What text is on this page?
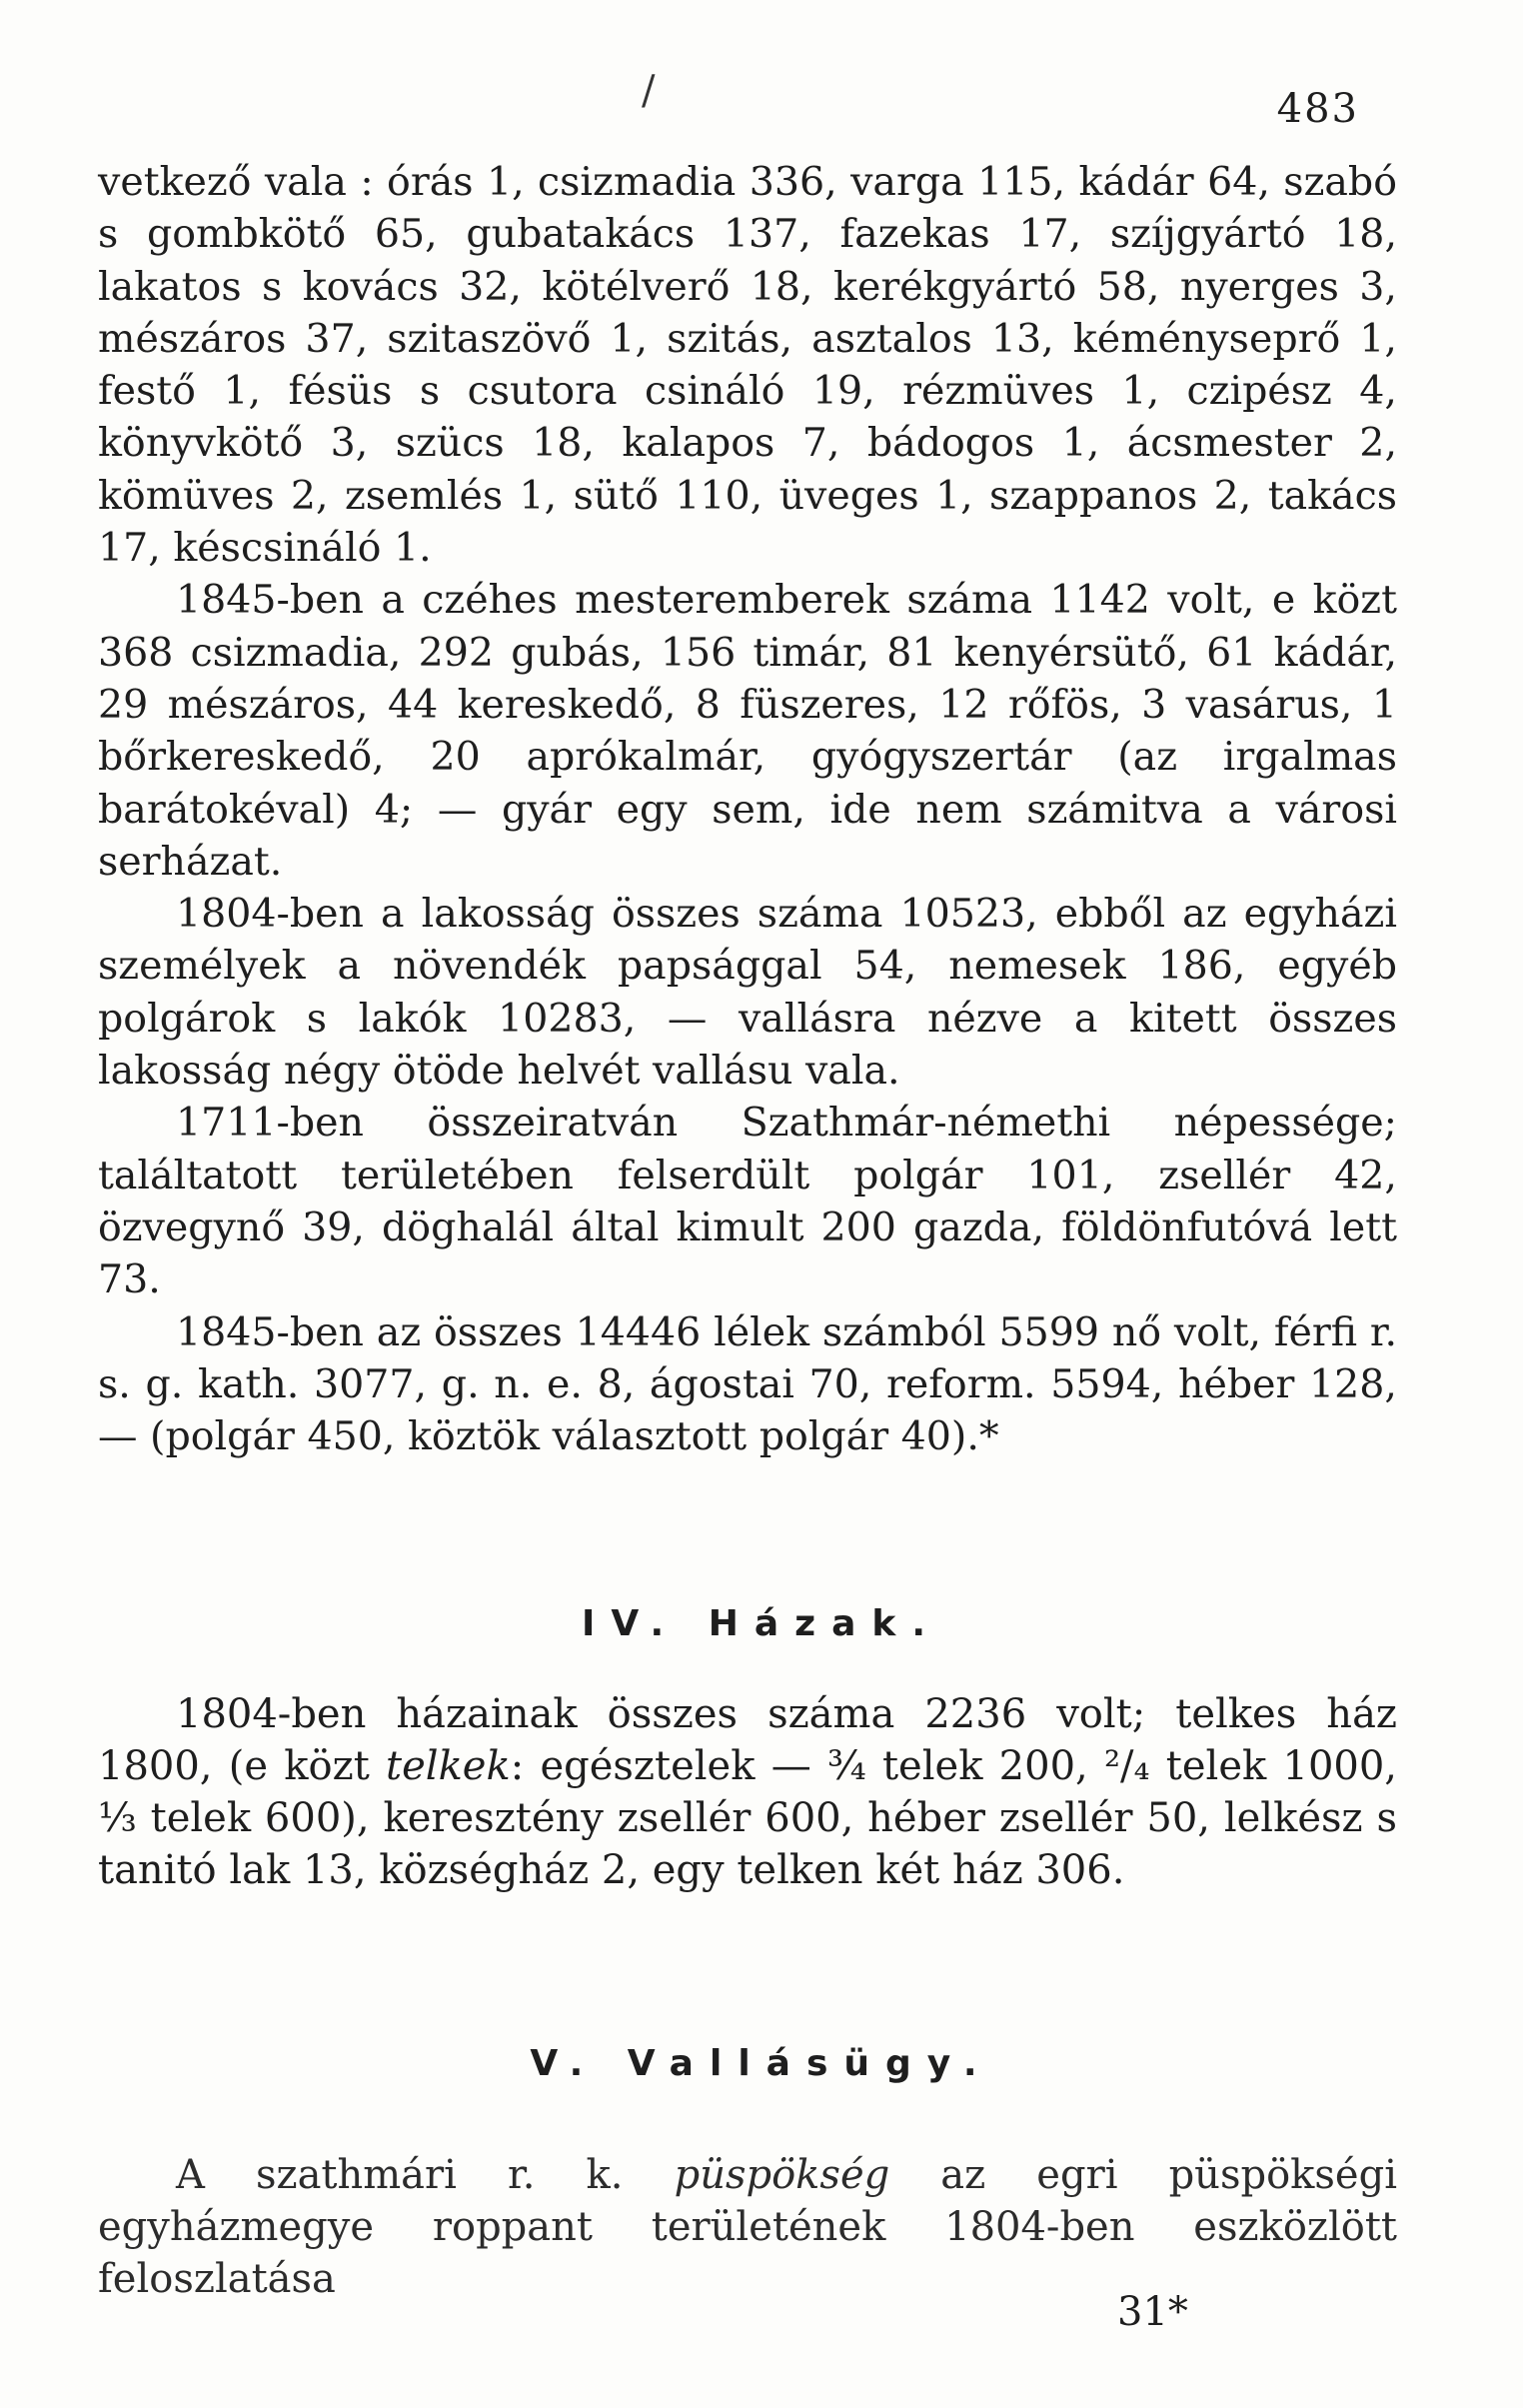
/	483

vetkező vala : órás 1, csizmadia 336, varga 115, kádár 64, szabó s gombkötő 65, gubatakács 137, fazekas 17, szíjgyártó 18, lakatos s kovács 32, kötélverő 18, kerékgyártó 58, nyerges 3, mészáros 37, szitaszövő 1, szitás, asztalos 13, kéményseprő 1, festő 1, fésüs s csutora csináló 19, rézmüves 1, czipész 4, könyvkötő 3, szücs 18, kalapos 7, bádogos 1, ácsmester 2, kömüves 2, zsemlés 1, sütő 110, üveges 1, szappanos 2, takács 17, késcsináló 1.

1845-ben a czéhes mesteremberek száma 1142 volt, e közt 368 csizmadia, 292 gubás, 156 timár, 81 kenyérsütő, 61 kádár, 29 mészáros, 44 kereskedő, 8 füszeres, 12 rőfös, 3 vasárus, 1 bőrkereskedő, 20 aprókalmár, gyógyszertár (az irgalmas barátokéval) 4; — gyár egy sem, ide nem számitva a városi serházat.

1804-ben a lakosság összes száma 10523, ebből az egyházi személyek a növendék papsággal 54, nemesek 186, egyéb polgárok s lakók 10283, — vallásra nézve a kitett összes lakosság négy ötöde helvét vallásu vala.

1711-ben összeiratván Szathmár-némethi népessége; találtatott területében felserdült polgár 101, zsellér 42, özvegynő 39, döghalál által kimult 200 gazda, földönfutóvá lett 73.

1845-ben az összes 14446 lélek számból 5599 nő volt, férfi r. s. g. kath. 3077, g. n. e. 8, ágostai 70, reform. 5594, héber 128, — (polgár 450, köztök választott polgár 40).*

IV. Házak.

1804-ben házainak összes száma 2236 volt; telkes ház 1800, (e közt telkek: egésztelek — ¾ telek 200, ²/₄ telek 1000, ⅓ telek 600), keresztény zsellér 600, héber zsellér 50, lelkész s tanitó lak 13, községház 2, egy telken két ház 306.

V. Vallásügy.

A szathmári r. k. püspökség az egri püspökségi egyházmegye roppant területének 1804-ben eszközlött feloszlatása

31*
